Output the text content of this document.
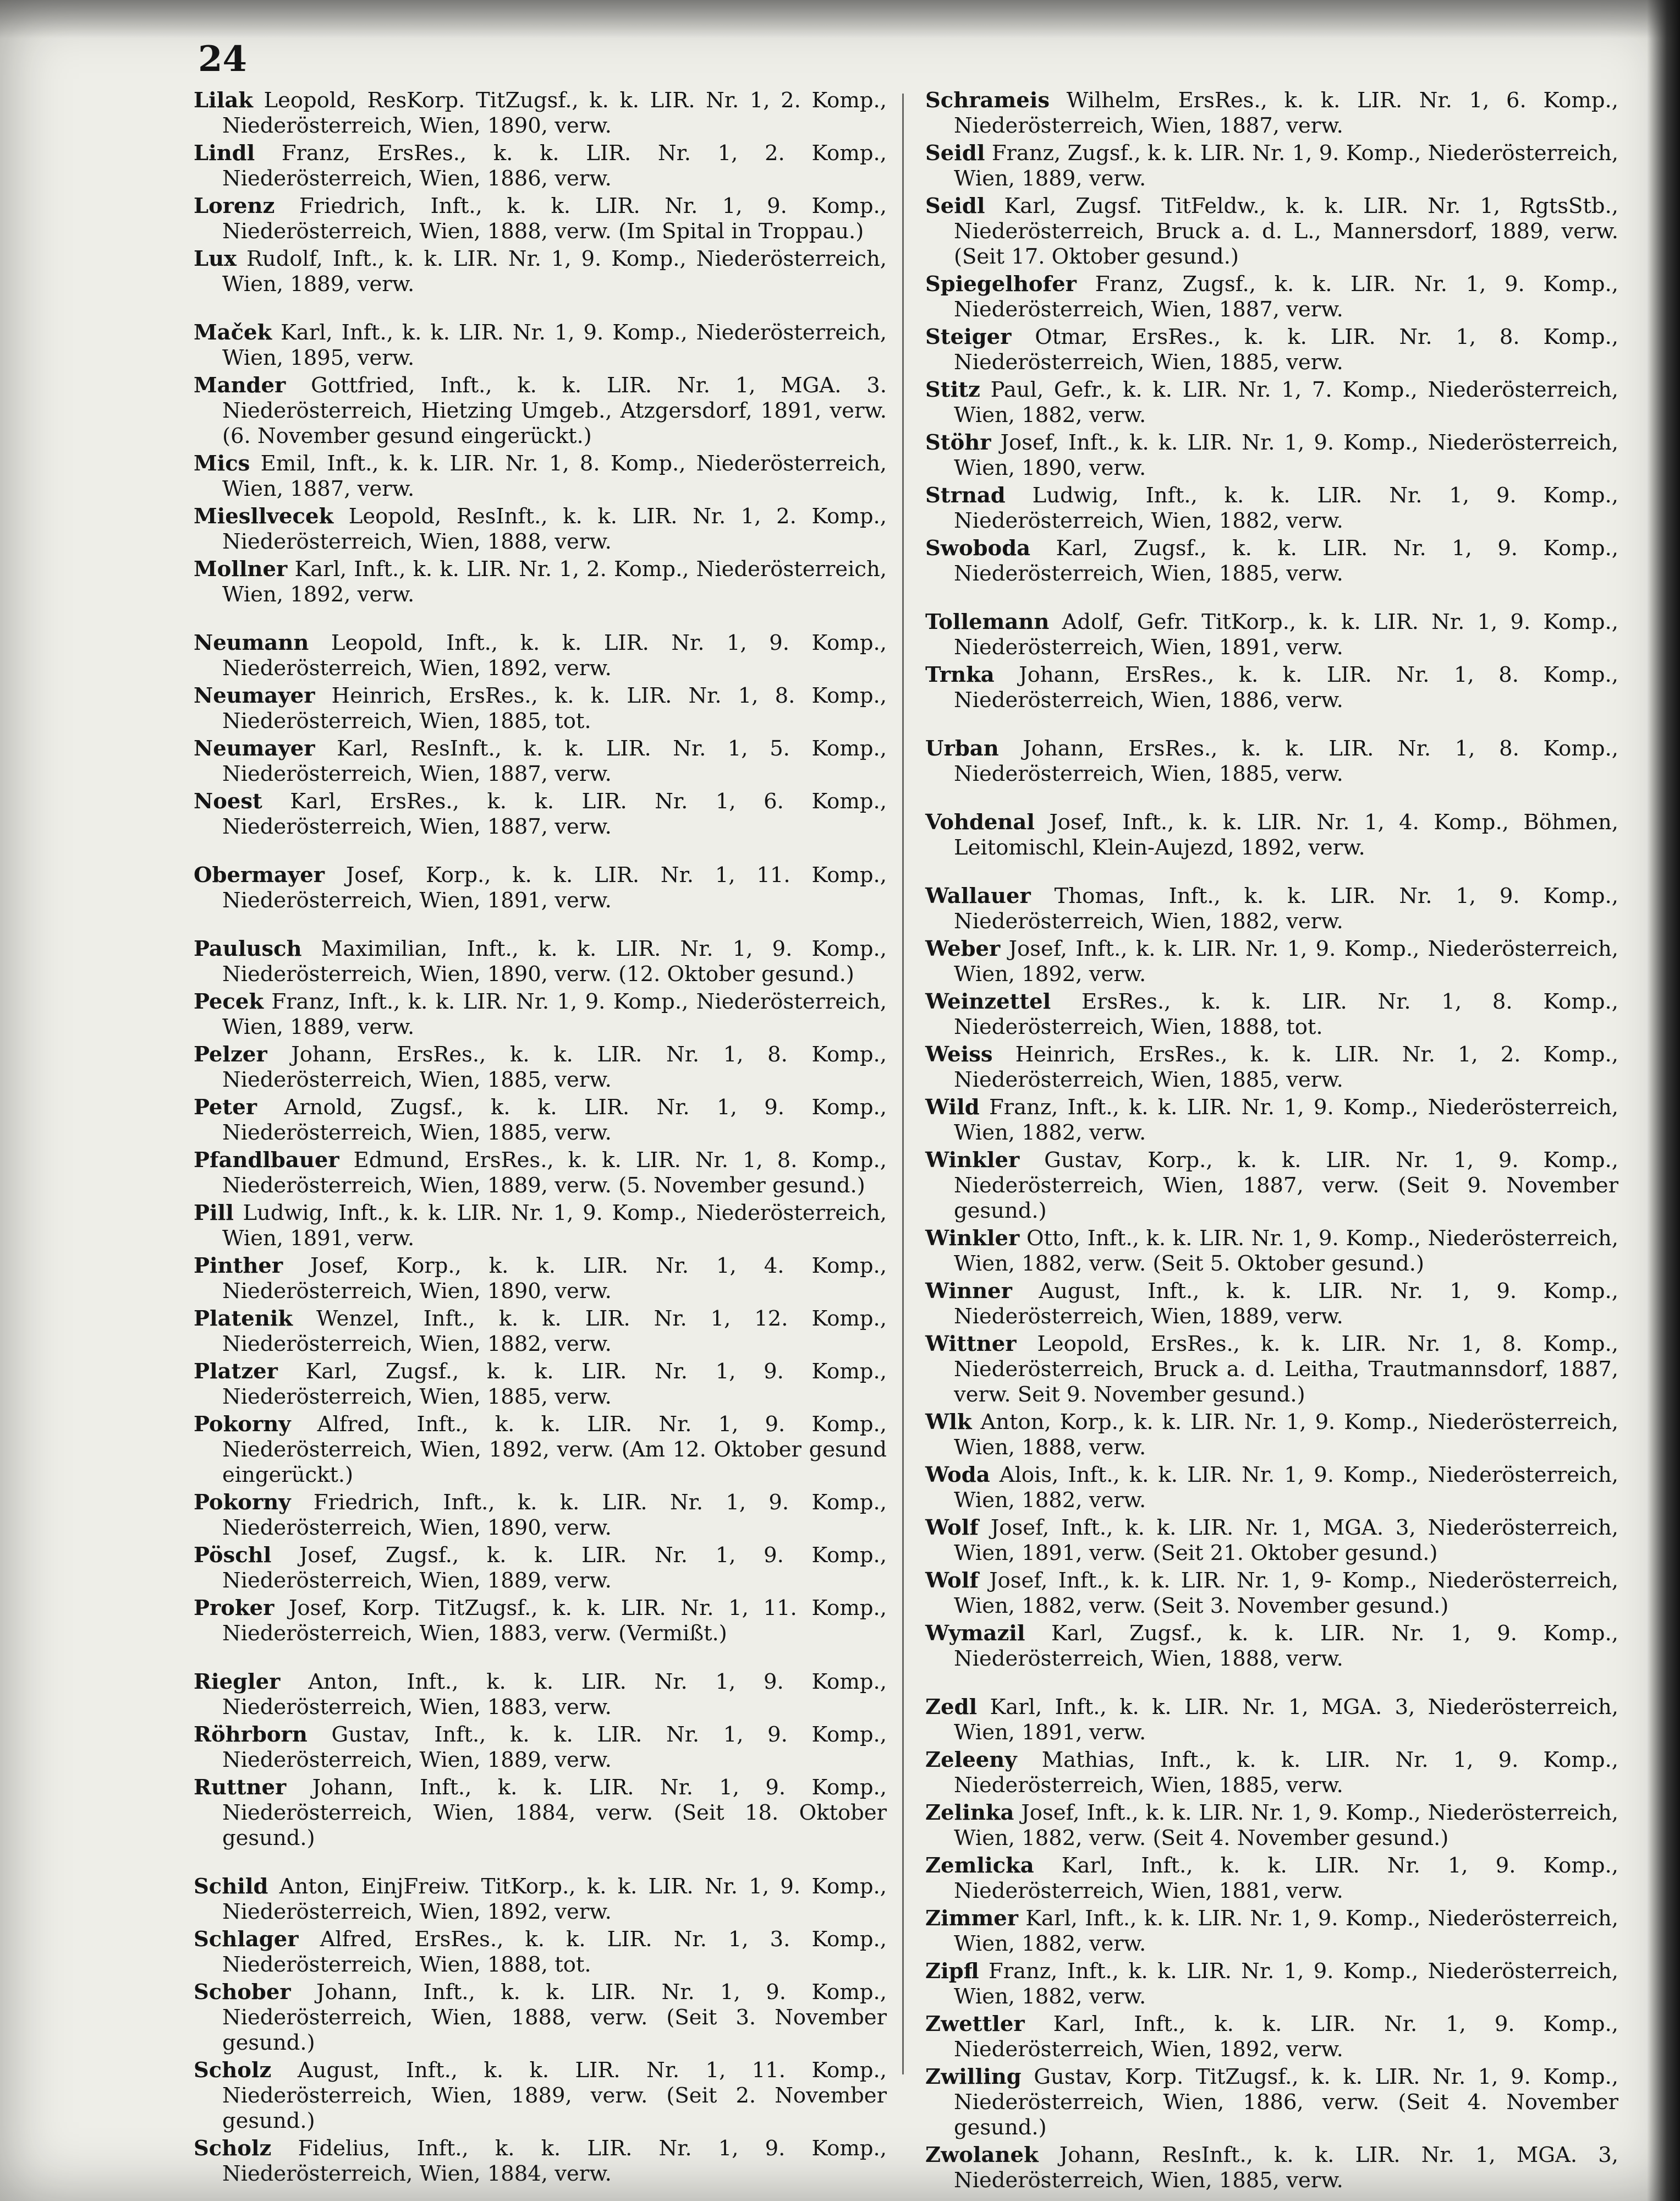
24
Lilak Leopold, ResKorp. TitZugsf., k. k. LIR. Nr. 1, 2. Komp., Niederösterreich, Wien, 1890, verw.
Lindl Franz, ErsRes., k. k. LIR. Nr. 1, 2. Komp., Niederösterreich, Wien, 1886, verw.
Lorenz Friedrich, Inft., k. k. LIR. Nr. 1, 9. Komp., Niederösterreich, Wien, 1888, verw. (Im Spital in Troppau.)
Lux Rudolf, Inft., k. k. LIR. Nr. 1, 9. Komp., Niederösterreich, Wien, 1889, verw.
Maček Karl, Inft., k. k. LIR. Nr. 1, 9. Komp., Niederösterreich, Wien, 1895, verw.
Mander Gottfried, Inft., k. k. LIR. Nr. 1, MGA. 3. Niederösterreich, Hietzing Umgeb., Atzgersdorf, 1891, verw. (6. November gesund eingerückt.)
Mics Emil, Inft., k. k. LIR. Nr. 1, 8. Komp., Niederösterreich, Wien, 1887, verw.
Miesllvecek Leopold, ResInft., k. k. LIR. Nr. 1, 2. Komp., Niederösterreich, Wien, 1888, verw.
Mollner Karl, Inft., k. k. LIR. Nr. 1, 2. Komp., Niederösterreich, Wien, 1892, verw.
Neumann Leopold, Inft., k. k. LIR. Nr. 1, 9. Komp., Niederösterreich, Wien, 1892, verw.
Neumayer Heinrich, ErsRes., k. k. LIR. Nr. 1, 8. Komp., Niederösterreich, Wien, 1885, tot.
Neumayer Karl, ResInft., k. k. LIR. Nr. 1, 5. Komp., Niederösterreich, Wien, 1887, verw.
Noest Karl, ErsRes., k. k. LIR. Nr. 1, 6. Komp., Niederösterreich, Wien, 1887, verw.
Obermayer Josef, Korp., k. k. LIR. Nr. 1, 11. Komp., Niederösterreich, Wien, 1891, verw.
Paulusch Maximilian, Inft., k. k. LIR. Nr. 1, 9. Komp., Niederösterreich, Wien, 1890, verw. (12. Oktober gesund.)
Pecek Franz, Inft., k. k. LIR. Nr. 1, 9. Komp., Niederösterreich, Wien, 1889, verw.
Pelzer Johann, ErsRes., k. k. LIR. Nr. 1, 8. Komp., Niederösterreich, Wien, 1885, verw.
Peter Arnold, Zugsf., k. k. LIR. Nr. 1, 9. Komp., Niederösterreich, Wien, 1885, verw.
Pfandlbauer Edmund, ErsRes., k. k. LIR. Nr. 1, 8. Komp., Niederösterreich, Wien, 1889, verw. (5. November gesund.)
Pill Ludwig, Inft., k. k. LIR. Nr. 1, 9. Komp., Niederösterreich, Wien, 1891, verw.
Pinther Josef, Korp., k. k. LIR. Nr. 1, 4. Komp., Niederösterreich, Wien, 1890, verw.
Platenik Wenzel, Inft., k. k. LIR. Nr. 1, 12. Komp., Niederösterreich, Wien, 1882, verw.
Platzer Karl, Zugsf., k. k. LIR. Nr. 1, 9. Komp., Niederösterreich, Wien, 1885, verw.
Pokorny Alfred, Inft., k. k. LIR. Nr. 1, 9. Komp., Niederösterreich, Wien, 1892, verw. (Am 12. Oktober gesund eingerückt.)
Pokorny Friedrich, Inft., k. k. LIR. Nr. 1, 9. Komp., Niederösterreich, Wien, 1890, verw.
Pöschl Josef, Zugsf., k. k. LIR. Nr. 1, 9. Komp., Niederösterreich, Wien, 1889, verw.
Proker Josef, Korp. TitZugsf., k. k. LIR. Nr. 1, 11. Komp., Niederösterreich, Wien, 1883, verw. (Vermißt.)
Riegler Anton, Inft., k. k. LIR. Nr. 1, 9. Komp., Niederösterreich, Wien, 1883, verw.
Röhrborn Gustav, Inft., k. k. LIR. Nr. 1, 9. Komp., Niederösterreich, Wien, 1889, verw.
Ruttner Johann, Inft., k. k. LIR. Nr. 1, 9. Komp., Niederösterreich, Wien, 1884, verw. (Seit 18. Oktober gesund.)
Schild Anton, EinjFreiw. TitKorp., k. k. LIR. Nr. 1, 9. Komp., Niederösterreich, Wien, 1892, verw.
Schlager Alfred, ErsRes., k. k. LIR. Nr. 1, 3. Komp., Niederösterreich, Wien, 1888, tot.
Schober Johann, Inft., k. k. LIR. Nr. 1, 9. Komp., Niederösterreich, Wien, 1888, verw. (Seit 3. November gesund.)
Scholz August, Inft., k. k. LIR. Nr. 1, 11. Komp., Niederösterreich, Wien, 1889, verw. (Seit 2. November gesund.)
Scholz Fidelius, Inft., k. k. LIR. Nr. 1, 9. Komp., Niederösterreich, Wien, 1884, verw.
Schrameis Wilhelm, ErsRes., k. k. LIR. Nr. 1, 6. Komp., Niederösterreich, Wien, 1887, verw.
Seidl Franz, Zugsf., k. k. LIR. Nr. 1, 9. Komp., Niederösterreich, Wien, 1889, verw.
Seidl Karl, Zugsf. TitFeldw., k. k. LIR. Nr. 1, RgtsStb., Niederösterreich, Bruck a. d. L., Mannersdorf, 1889, verw. (Seit 17. Oktober gesund.)
Spiegelhofer Franz, Zugsf., k. k. LIR. Nr. 1, 9. Komp., Niederösterreich, Wien, 1887, verw.
Steiger Otmar, ErsRes., k. k. LIR. Nr. 1, 8. Komp., Niederösterreich, Wien, 1885, verw.
Stitz Paul, Gefr., k. k. LIR. Nr. 1, 7. Komp., Niederösterreich, Wien, 1882, verw.
Stöhr Josef, Inft., k. k. LIR. Nr. 1, 9. Komp., Niederösterreich, Wien, 1890, verw.
Strnad Ludwig, Inft., k. k. LIR. Nr. 1, 9. Komp., Niederösterreich, Wien, 1882, verw.
Swoboda Karl, Zugsf., k. k. LIR. Nr. 1, 9. Komp., Niederösterreich, Wien, 1885, verw.
Tollemann Adolf, Gefr. TitKorp., k. k. LIR. Nr. 1, 9. Komp., Niederösterreich, Wien, 1891, verw.
Trnka Johann, ErsRes., k. k. LIR. Nr. 1, 8. Komp., Niederösterreich, Wien, 1886, verw.
Urban Johann, ErsRes., k. k. LIR. Nr. 1, 8. Komp., Niederösterreich, Wien, 1885, verw.
Vohdenal Josef, Inft., k. k. LIR. Nr. 1, 4. Komp., Böhmen, Leitomischl, Klein-Aujezd, 1892, verw.
Wallauer Thomas, Inft., k. k. LIR. Nr. 1, 9. Komp., Niederösterreich, Wien, 1882, verw.
Weber Josef, Inft., k. k. LIR. Nr. 1, 9. Komp., Niederösterreich, Wien, 1892, verw.
Weinzettel ErsRes., k. k. LIR. Nr. 1, 8. Komp., Niederösterreich, Wien, 1888, tot.
Weiss Heinrich, ErsRes., k. k. LIR. Nr. 1, 2. Komp., Niederösterreich, Wien, 1885, verw.
Wild Franz, Inft., k. k. LIR. Nr. 1, 9. Komp., Niederösterreich, Wien, 1882, verw.
Winkler Gustav, Korp., k. k. LIR. Nr. 1, 9. Komp., Niederösterreich, Wien, 1887, verw. (Seit 9. November gesund.)
Winkler Otto, Inft., k. k. LIR. Nr. 1, 9. Komp., Niederösterreich, Wien, 1882, verw. (Seit 5. Oktober gesund.)
Winner August, Inft., k. k. LIR. Nr. 1, 9. Komp., Niederösterreich, Wien, 1889, verw.
Wittner Leopold, ErsRes., k. k. LIR. Nr. 1, 8. Komp., Niederösterreich, Bruck a. d. Leitha, Trautmannsdorf, 1887, verw. Seit 9. November gesund.)
Wlk Anton, Korp., k. k. LIR. Nr. 1, 9. Komp., Niederösterreich, Wien, 1888, verw.
Woda Alois, Inft., k. k. LIR. Nr. 1, 9. Komp., Niederösterreich, Wien, 1882, verw.
Wolf Josef, Inft., k. k. LIR. Nr. 1, MGA. 3, Niederösterreich, Wien, 1891, verw. (Seit 21. Oktober gesund.)
Wolf Josef, Inft., k. k. LIR. Nr. 1, 9- Komp., Niederösterreich, Wien, 1882, verw. (Seit 3. November gesund.)
Wymazil Karl, Zugsf., k. k. LIR. Nr. 1, 9. Komp., Niederösterreich, Wien, 1888, verw.
Zedl Karl, Inft., k. k. LIR. Nr. 1, MGA. 3, Niederösterreich, Wien, 1891, verw.
Zeleeny Mathias, Inft., k. k. LIR. Nr. 1, 9. Komp., Niederösterreich, Wien, 1885, verw.
Zelinka Josef, Inft., k. k. LIR. Nr. 1, 9. Komp., Niederösterreich, Wien, 1882, verw. (Seit 4. November gesund.)
Zemlicka Karl, Inft., k. k. LIR. Nr. 1, 9. Komp., Niederösterreich, Wien, 1881, verw.
Zimmer Karl, Inft., k. k. LIR. Nr. 1, 9. Komp., Niederösterreich, Wien, 1882, verw.
Zipfl Franz, Inft., k. k. LIR. Nr. 1, 9. Komp., Niederösterreich, Wien, 1882, verw.
Zwettler Karl, Inft., k. k. LIR. Nr. 1, 9. Komp., Niederösterreich, Wien, 1892, verw.
Zwilling Gustav, Korp. TitZugsf., k. k. LIR. Nr. 1, 9. Komp., Niederösterreich, Wien, 1886, verw. (Seit 4. November gesund.)
Zwolanek Johann, ResInft., k. k. LIR. Nr. 1, MGA. 3, Niederösterreich, Wien, 1885, verw.
